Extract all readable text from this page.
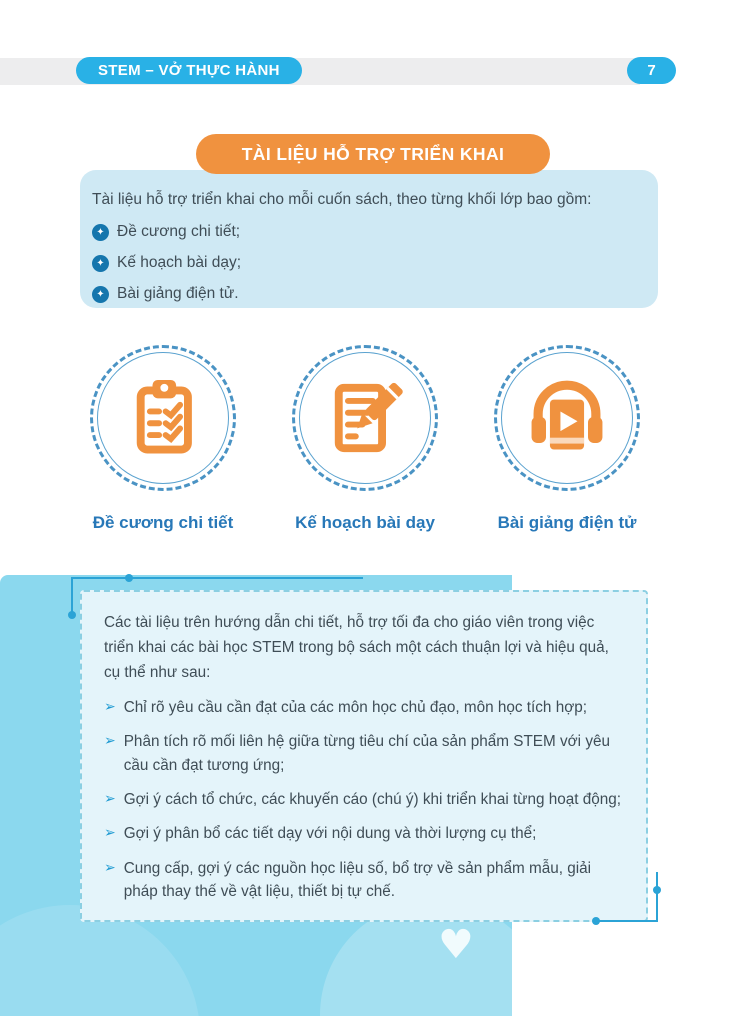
STEM – VỞ THỰC HÀNH	7
TÀI LIỆU HỖ TRỢ TRIỂN KHAI

Tài liệu hỗ trợ triển khai cho mỗi cuốn sách, theo từng khối lớp bao gồm:

✦ Đề cương chi tiết;
✦ Kế hoạch bài dạy;
✦ Bài giảng điện tử.
Đề cương chi tiết	Kế hoạch bài dạy	Bài giảng điện tử
♥

Các tài liệu trên hướng dẫn chi tiết, hỗ trợ tối đa cho giáo viên trong việc triển khai các bài học STEM trong bộ sách một cách thuận lợi và hiệu quả, cụ thể như sau:

➢ Chỉ rõ yêu cầu cần đạt của các môn học chủ đạo, môn học tích hợp;
➢ Phân tích rõ mối liên hệ giữa từng tiêu chí của sản phẩm STEM với yêu cầu cần đạt tương ứng;
➢ Gợi ý cách tổ chức, các khuyến cáo (chú ý) khi triển khai từng hoạt động;
➢ Gợi ý phân bổ các tiết dạy với nội dung và thời lượng cụ thể;
➢ Cung cấp, gợi ý các nguồn học liệu số, bổ trợ về sản phẩm mẫu, giải pháp thay thế về vật liệu, thiết bị tự chế.
